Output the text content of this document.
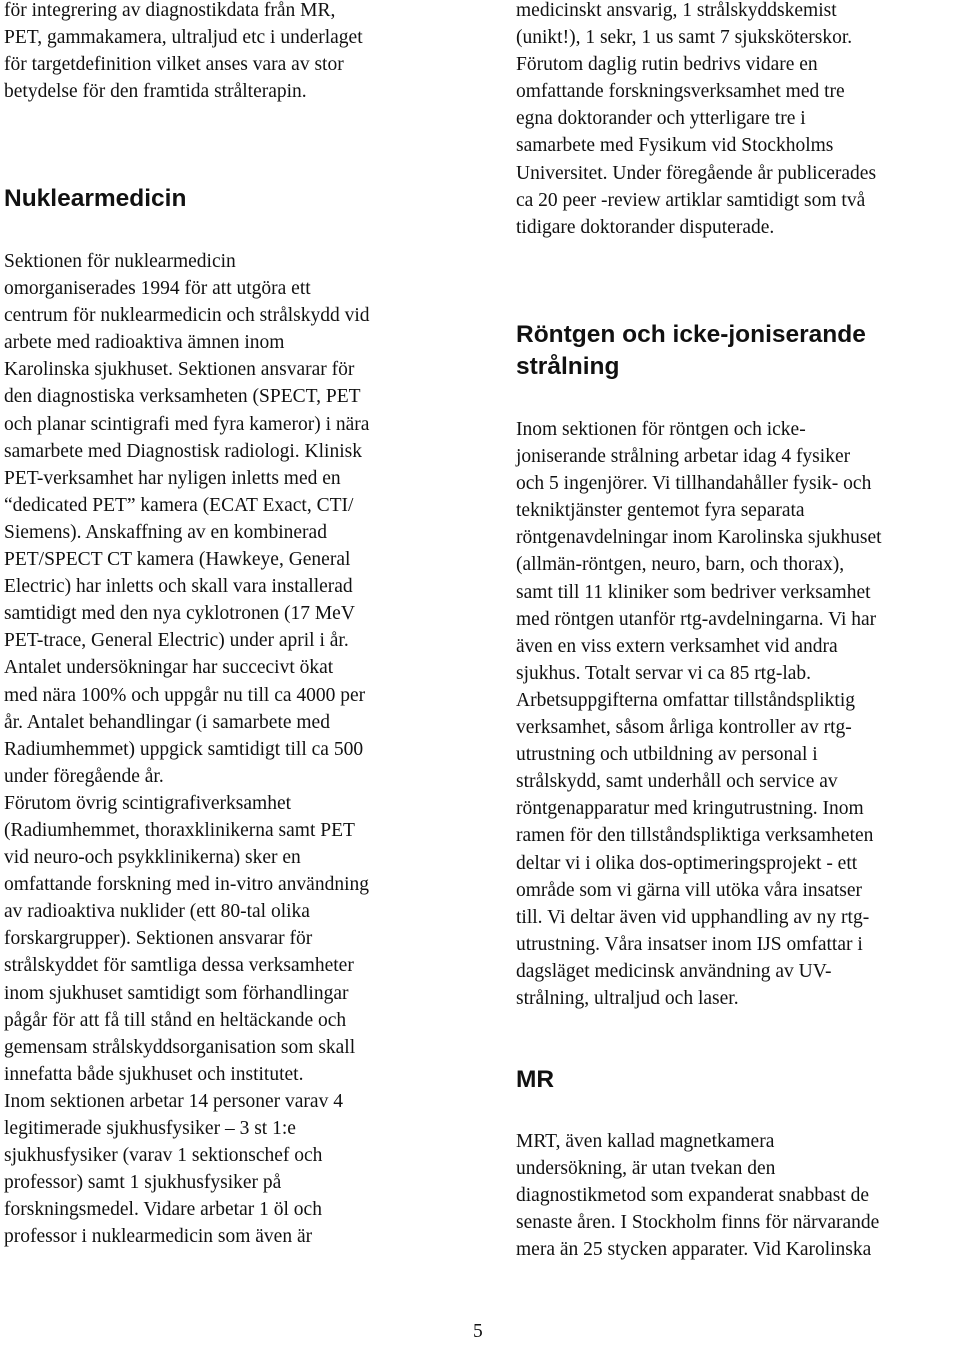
för integrering av diagnostikdata från MR,
PET, gammakamera, ultraljud etc i underlaget
för targetdefinition vilket anses vara av stor
betydelse för den framtida strålterapin.
Nuklearmedicin
Sektionen för nuklearmedicin
omorganiserades 1994 för att utgöra ett
centrum för nuklearmedicin och strålskydd vid
arbete med radioaktiva ämnen inom
Karolinska sjukhuset. Sektionen ansvarar för
den diagnostiska verksamheten (SPECT, PET
och planar scintigrafi med fyra kameror) i nära
samarbete med Diagnostisk radiologi. Klinisk
PET-verksamhet har nyligen inletts med en
“dedicated PET” kamera (ECAT Exact, CTI/
Siemens). Anskaffning av en kombinerad
PET/SPECT CT kamera (Hawkeye, General
Electric) har inletts och skall vara installerad
samtidigt med den nya cyklotronen (17 MeV
PET-trace, General Electric) under april i år.
Antalet undersökningar har succecivt ökat
med nära 100% och uppgår nu till ca 4000 per
år. Antalet behandlingar (i samarbete med
Radiumhemmet) uppgick samtidigt till ca 500
under föregående år.
Förutom övrig scintigrafiverksamhet
(Radiumhemmet, thoraxklinikerna samt PET
vid neuro-och psykklinikerna) sker en
omfattande forskning med in-vitro användning
av radioaktiva nuklider (ett 80-tal olika
forskargrupper). Sektionen ansvarar för
strålskyddet för samtliga dessa verksamheter
inom sjukhuset samtidigt som förhandlingar
pågår för att få till stånd en heltäckande och
gemensam strålskyddsorganisation som skall
innefatta både sjukhuset och institutet.
Inom sektionen arbetar 14 personer varav 4
legitimerade sjukhusfysiker – 3 st 1:e
sjukhusfysiker (varav 1 sektionschef och
professor) samt 1 sjukhusfysiker på
forskningsmedel. Vidare arbetar 1 öl och
professor i nuklearmedicin som även är
medicinskt ansvarig, 1 strålskyddskemist
(unikt!), 1 sekr, 1 us samt 7 sjuksköterskor.
Förutom daglig rutin bedrivs vidare en
omfattande forskningsverksamhet med tre
egna doktorander och ytterligare tre i
samarbete med Fysikum vid Stockholms
Universitet. Under föregående år publicerades
ca 20 peer -review artiklar samtidigt som två
tidigare doktorander disputerade.
Röntgen och icke-joniserande
strålning
Inom sektionen för röntgen och icke-
joniserande strålning arbetar idag 4 fysiker
och 5 ingenjörer. Vi tillhandahåller fysik- och
tekniktjänster gentemot fyra separata
röntgenavdelningar inom Karolinska sjukhuset
(allmän-röntgen, neuro, barn, och thorax),
samt till 11 kliniker som bedriver verksamhet
med röntgen utanför rtg-avdelningarna. Vi har
även en viss extern verksamhet vid andra
sjukhus. Totalt servar vi ca 85 rtg-lab.
Arbetsuppgifterna omfattar tillståndspliktig
verksamhet, såsom årliga kontroller av rtg-
utrustning och utbildning av personal i
strålskydd, samt underhåll och service av
röntgenapparatur med kringutrustning. Inom
ramen för den tillståndspliktiga verksamheten
deltar vi i olika dos-optimeringsprojekt - ett
område som vi gärna vill utöka våra insatser
till. Vi deltar även vid upphandling av ny rtg-
utrustning. Våra insatser inom IJS omfattar i
dagsläget medicinsk användning av UV-
strålning, ultraljud och laser.
MR
MRT, även kallad magnetkamera
undersökning, är utan tvekan den
diagnostikmetod som expanderat snabbast de
senaste åren. I Stockholm finns för närvarande
mera än 25 stycken apparater. Vid Karolinska
5
